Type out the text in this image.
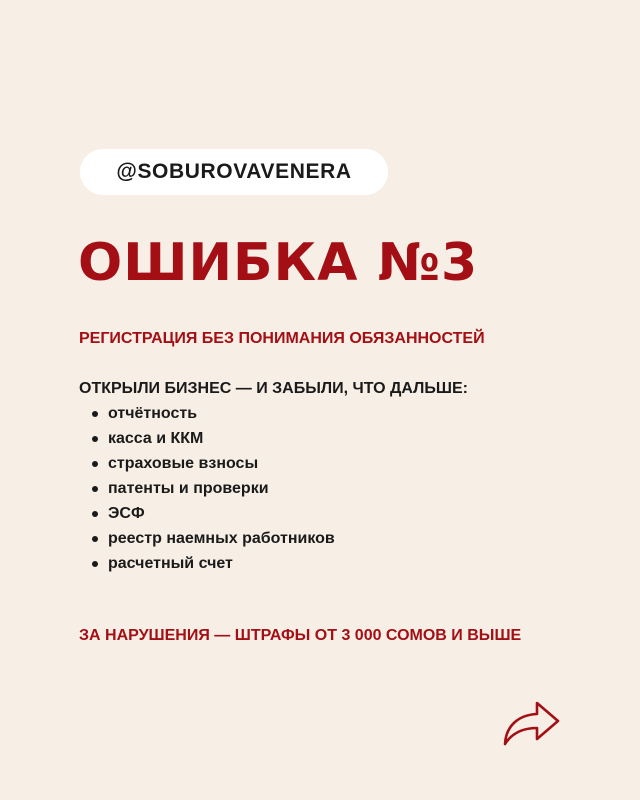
@SOBUROVAVENERA
ОШИБКА №3
РЕГИСТРАЦИЯ БЕЗ ПОНИМАНИЯ ОБЯЗАННОСТЕЙ
ОТКРЫЛИ БИЗНЕС — И ЗАБЫЛИ, ЧТО ДАЛЬШЕ:
отчётность
касса и ККМ
страховые взносы
патенты и проверки
ЭСФ
реестр наемных работников
расчетный счет
ЗА НАРУШЕНИЯ — ШТРАФЫ ОТ 3 000 СОМОВ И ВЫШЕ
